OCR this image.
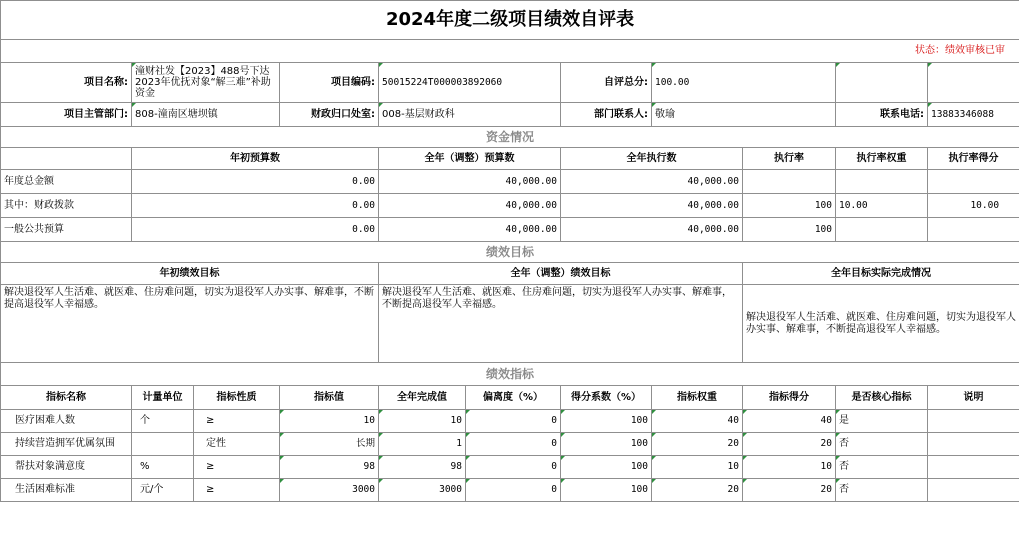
2024年度二级项目绩效自评表										
状态：绩效审核已审										
项目名称:	潼财社发【2023】488号下达2023年优抚对象“解三难”补助资金		项目编码:	50015224T000003892060		自评总分:	100.00			
项目主管部门:	808-潼南区塘坝镇		财政归口处室:	008-基层财政科		部门联系人:	敬瑜		联系电话:	13883346088
资金情况										
	年初预算数			全年（调整）预算数		全年执行数		执行率	执行率权重	执行率得分
年度总金额	0.00			40,000.00		40,000.00				
其中：财政拨款	0.00			40,000.00		40,000.00		100	10.00	10.00
一般公共预算	0.00			40,000.00		40,000.00		100		
绩效目标										
年初绩效目标				全年（调整）绩效目标				全年目标实际完成情况		
解决退役军人生活难、就医难、住房难问题，切实为退役军人办实事、解难事，不断提高退役军人幸福感。				解决退役军人生活难、就医难、住房难问题，切实为退役军人办实事、解难事，不断提高退役军人幸福感。				解决退役军人生活难、就医难、住房难问题，切实为退役军人办实事、解难事，不断提高退役军人幸福感。		
绩效指标										
指标名称	计量单位	指标性质	指标值	全年完成值	偏离度（%）	得分系数（%）	指标权重	指标得分	是否核心指标	说明
医疗困难人数	个	≥	10	10	0	100	40	40	是	
持续营造拥军优属氛围		定性	长期	1	0	100	20	20	否	
帮扶对象满意度	%	≥	98	98	0	100	10	10	否	
生活困难标准	元/个	≥	3000	3000	0	100	20	20	否	
